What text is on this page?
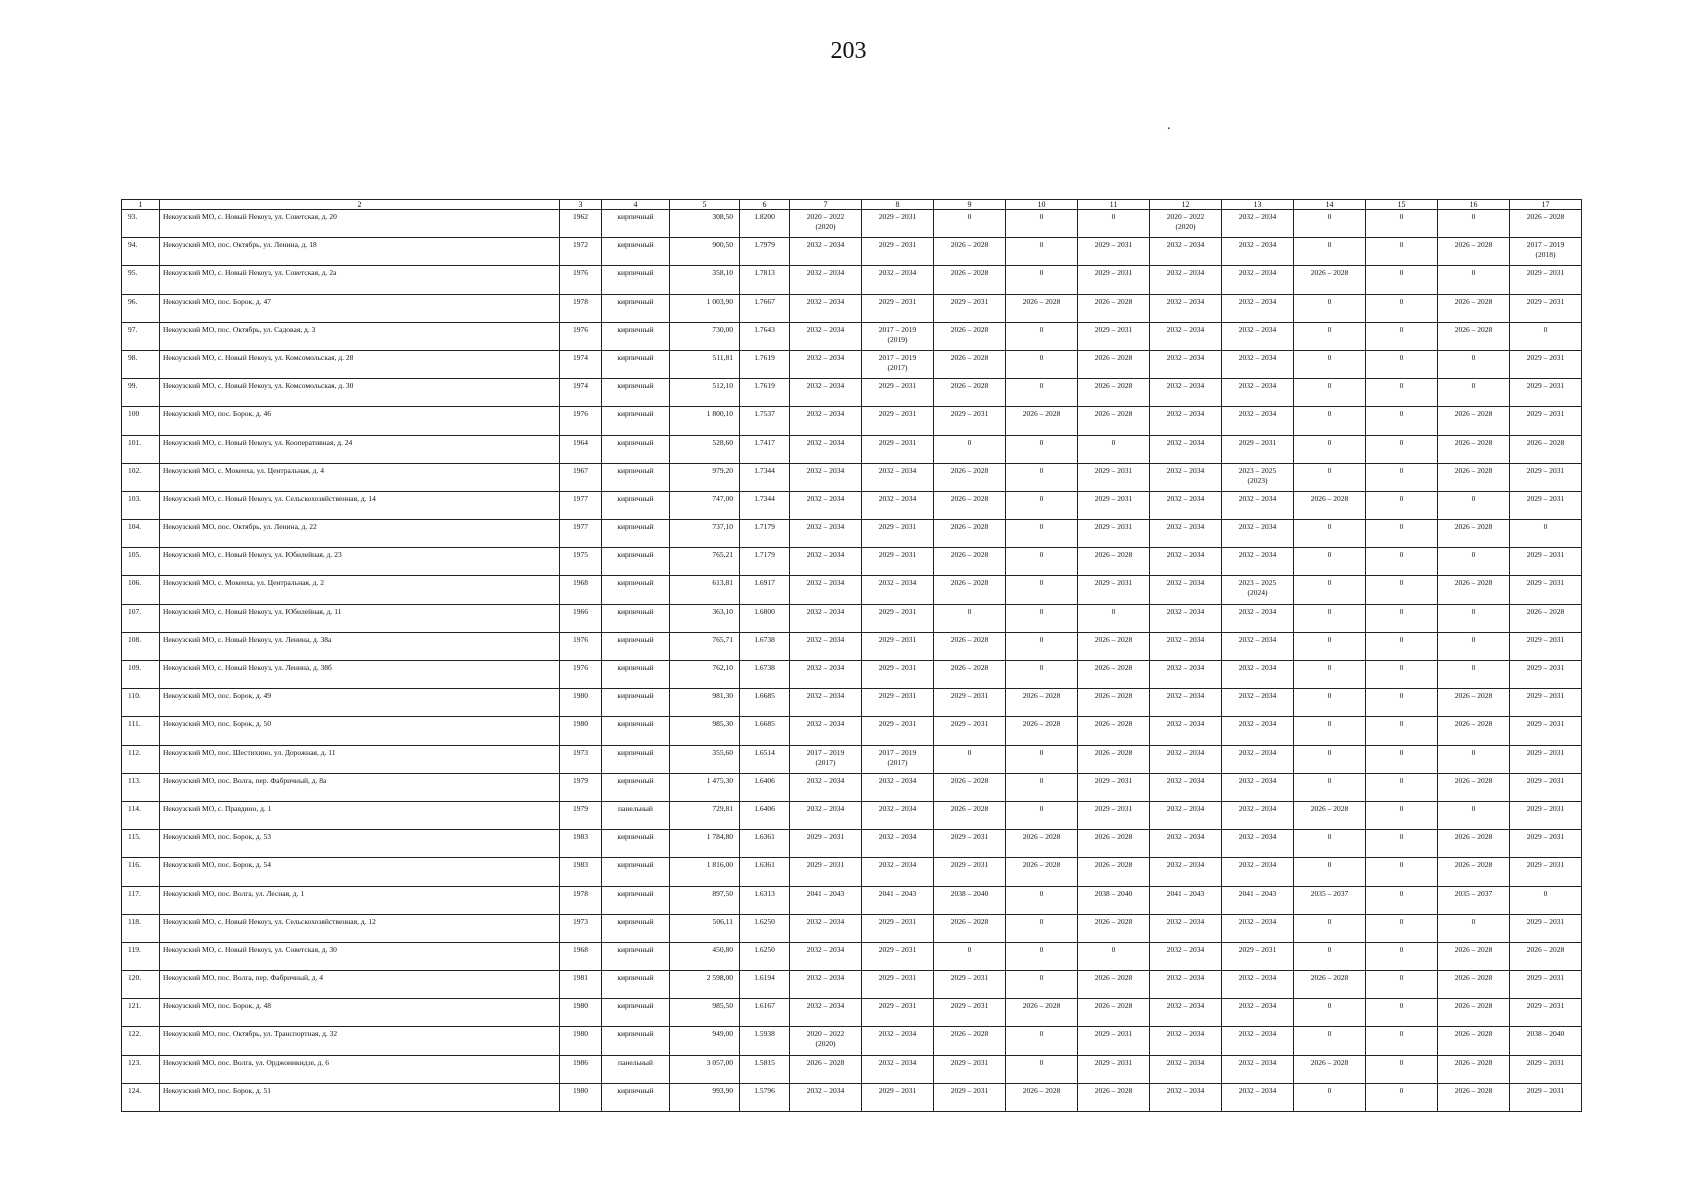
203
.
1	2	3	4	5	6	7	8	9	10	11	12	13	14	15	16	17

93.	Некоузский МО, с. Новый Некоуз, ул. Советская, д. 20	1962	кирпичный	308,50	1.8200	2020 – 2022
(2020)	2029 – 2031	0	0	0	2020 – 2022
(2020)	2032 – 2034	0	0	0	2026 – 2028

94.	Некоузский МО, пос. Октябрь, ул. Ленина, д. 18	1972	кирпичный	900,50	1.7979	2032 – 2034	2029 – 2031	2026 – 2028	0	2029 – 2031	2032 – 2034	2032 – 2034	0	0	2026 – 2028	2017 – 2019
(2018)

95.	Некоузский МО, с. Новый Некоуз, ул. Советская, д. 2а	1976	кирпичный	358,10	1.7813	2032 – 2034	2032 – 2034	2026 – 2028	0	2029 – 2031	2032 – 2034	2032 – 2034	2026 – 2028	0	0	2029 – 2031

96.	Некоузский МО, пос. Борок, д. 47	1978	кирпичный	1 003,90	1.7667	2032 – 2034	2029 – 2031	2029 – 2031	2026 – 2028	2026 – 2028	2032 – 2034	2032 – 2034	0	0	2026 – 2028	2029 – 2031

97.	Некоузский МО, пос. Октябрь, ул. Садовая, д. 3	1976	кирпичный	730,00	1.7643	2032 – 2034	2017 – 2019
(2019)	2026 – 2028	0	2029 – 2031	2032 – 2034	2032 – 2034	0	0	2026 – 2028	0

98.	Некоузский МО, с. Новый Некоуз, ул. Комсомольская, д. 28	1974	кирпичный	511,81	1.7619	2032 – 2034	2017 – 2019
(2017)	2026 – 2028	0	2026 – 2028	2032 – 2034	2032 – 2034	0	0	0	2029 – 2031

99.	Некоузский МО, с. Новый Некоуз, ул. Комсомольская, д. 30	1974	кирпичный	512,10	1.7619	2032 – 2034	2029 – 2031	2026 – 2028	0	2026 – 2028	2032 – 2034	2032 – 2034	0	0	0	2029 – 2031

100	Некоузский МО, пос. Борок, д. 46	1976	кирпичный	1 800,10	1.7537	2032 – 2034	2029 – 2031	2029 – 2031	2026 – 2028	2026 – 2028	2032 – 2034	2032 – 2034	0	0	2026 – 2028	2029 – 2031

101.	Некоузский МО, с. Новый Некоуз, ул. Кооперативная, д. 24	1964	кирпичный	528,60	1.7417	2032 – 2034	2029 – 2031	0	0	0	2032 – 2034	2029 – 2031	0	0	2026 – 2028	2026 – 2028

102.	Некоузский МО, с. Мокеиха, ул. Центральная, д. 4	1967	кирпичный	979,20	1.7344	2032 – 2034	2032 – 2034	2026 – 2028	0	2029 – 2031	2032 – 2034	2023 – 2025
(2023)	0	0	2026 – 2028	2029 – 2031

103.	Некоузский МО, с. Новый Некоуз, ул. Сельскохозяйственная, д. 14	1977	кирпичный	747,00	1.7344	2032 – 2034	2032 – 2034	2026 – 2028	0	2029 – 2031	2032 – 2034	2032 – 2034	2026 – 2028	0	0	2029 – 2031

104.	Некоузский МО, пос. Октябрь, ул. Ленина, д. 22	1977	кирпичный	737,10	1.7179	2032 – 2034	2029 – 2031	2026 – 2028	0	2029 – 2031	2032 – 2034	2032 – 2034	0	0	2026 – 2028	0

105.	Некоузский МО, с. Новый Некоуз, ул. Юбилейная, д. 23	1975	кирпичный	765,21	1.7179	2032 – 2034	2029 – 2031	2026 – 2028	0	2026 – 2028	2032 – 2034	2032 – 2034	0	0	0	2029 – 2031

106.	Некоузский МО, с. Мокеиха, ул. Центральная, д. 2	1968	кирпичный	613,81	1.6917	2032 – 2034	2032 – 2034	2026 – 2028	0	2029 – 2031	2032 – 2034	2023 – 2025
(2024)	0	0	2026 – 2028	2029 – 2031

107.	Некоузский МО, с. Новый Некоуз, ул. Юбилейная, д. 11	1966	кирпичный	363,10	1.6800	2032 – 2034	2029 – 2031	0	0	0	2032 – 2034	2032 – 2034	0	0	0	2026 – 2028

108.	Некоузский МО, с. Новый Некоуз, ул. Ленина, д. 38а	1976	кирпичный	765,71	1.6738	2032 – 2034	2029 – 2031	2026 – 2028	0	2026 – 2028	2032 – 2034	2032 – 2034	0	0	0	2029 – 2031

109.	Некоузский МО, с. Новый Некоуз, ул. Ленина, д. 38б	1976	кирпичный	762,10	1.6738	2032 – 2034	2029 – 2031	2026 – 2028	0	2026 – 2028	2032 – 2034	2032 – 2034	0	0	0	2029 – 2031

110.	Некоузский МО, пос. Борок, д. 49	1980	кирпичный	981,30	1.6685	2032 – 2034	2029 – 2031	2029 – 2031	2026 – 2028	2026 – 2028	2032 – 2034	2032 – 2034	0	0	2026 – 2028	2029 – 2031

111.	Некоузский МО, пос. Борок, д. 50	1980	кирпичный	985,30	1.6685	2032 – 2034	2029 – 2031	2029 – 2031	2026 – 2028	2026 – 2028	2032 – 2034	2032 – 2034	0	0	2026 – 2028	2029 – 2031

112.	Некоузский МО, пос. Шестихино, ул. Дорожная, д. 11	1973	кирпичный	355,60	1.6514	2017 – 2019
(2017)	2017 – 2019
(2017)	0	0	2026 – 2028	2032 – 2034	2032 – 2034	0	0	0	2029 – 2031

113.	Некоузский МО, пос. Волга, пер. Фабричный, д. 8а	1979	кирпичный	1 475,30	1.6406	2032 – 2034	2032 – 2034	2026 – 2028	0	2029 – 2031	2032 – 2034	2032 – 2034	0	0	2026 – 2028	2029 – 2031

114.	Некоузский МО, с. Правдино, д. 1	1979	панельный	729,81	1.6406	2032 – 2034	2032 – 2034	2026 – 2028	0	2029 – 2031	2032 – 2034	2032 – 2034	2026 – 2028	0	0	2029 – 2031

115.	Некоузский МО, пос. Борок, д. 53	1983	кирпичный	1 784,80	1.6361	2029 – 2031	2032 – 2034	2029 – 2031	2026 – 2028	2026 – 2028	2032 – 2034	2032 – 2034	0	0	2026 – 2028	2029 – 2031

116.	Некоузский МО, пос. Борок, д. 54	1983	кирпичный	1 816,00	1.6361	2029 – 2031	2032 – 2034	2029 – 2031	2026 – 2028	2026 – 2028	2032 – 2034	2032 – 2034	0	0	2026 – 2028	2029 – 2031

117.	Некоузский МО, пос. Волга, ул. Лесная, д. 1	1978	кирпичный	897,50	1.6313	2041 – 2043	2041 – 2043	2038 – 2040	0	2038 – 2040	2041 – 2043	2041 – 2043	2035 – 2037	0	2035 – 2037	0

118.	Некоузский МО, с. Новый Некоуз, ул. Сельскохозяйственная, д. 12	1973	кирпичный	506,11	1.6250	2032 – 2034	2029 – 2031	2026 – 2028	0	2026 – 2028	2032 – 2034	2032 – 2034	0	0	0	2029 – 2031

119.	Некоузский МО, с. Новый Некоуз, ул. Советская, д. 30	1968	кирпичный	450,80	1.6250	2032 – 2034	2029 – 2031	0	0	0	2032 – 2034	2029 – 2031	0	0	2026 – 2028	2026 – 2028

120.	Некоузский МО, пос. Волга, пер. Фабричный, д. 4	1981	кирпичный	2 598,00	1.6194	2032 – 2034	2029 – 2031	2029 – 2031	0	2026 – 2028	2032 – 2034	2032 – 2034	2026 – 2028	0	2026 – 2028	2029 – 2031

121.	Некоузский МО, пос. Борок, д. 48	1980	кирпичный	985,50	1.6167	2032 – 2034	2029 – 2031	2029 – 2031	2026 – 2028	2026 – 2028	2032 – 2034	2032 – 2034	0	0	2026 – 2028	2029 – 2031

122.	Некоузский МО, пос. Октябрь, ул. Транспортная, д. 32	1980	кирпичный	949,00	1.5938	2020 – 2022
(2020)	2032 – 2034	2026 – 2028	0	2029 – 2031	2032 – 2034	2032 – 2034	0	0	2026 – 2028	2038 – 2040

123.	Некоузский МО, пос. Волга, ул. Орджоникидзе, д. 6	1986	панельный	3 057,00	1.5815	2026 – 2028	2032 – 2034	2029 – 2031	0	2029 – 2031	2032 – 2034	2032 – 2034	2026 – 2028	0	2026 – 2028	2029 – 2031

124.	Некоузский МО, пос. Борок, д. 51	1980	кирпичный	993,90	1.5796	2032 – 2034	2029 – 2031	2029 – 2031	2026 – 2028	2026 – 2028	2032 – 2034	2032 – 2034	0	0	2026 – 2028	2029 – 2031
